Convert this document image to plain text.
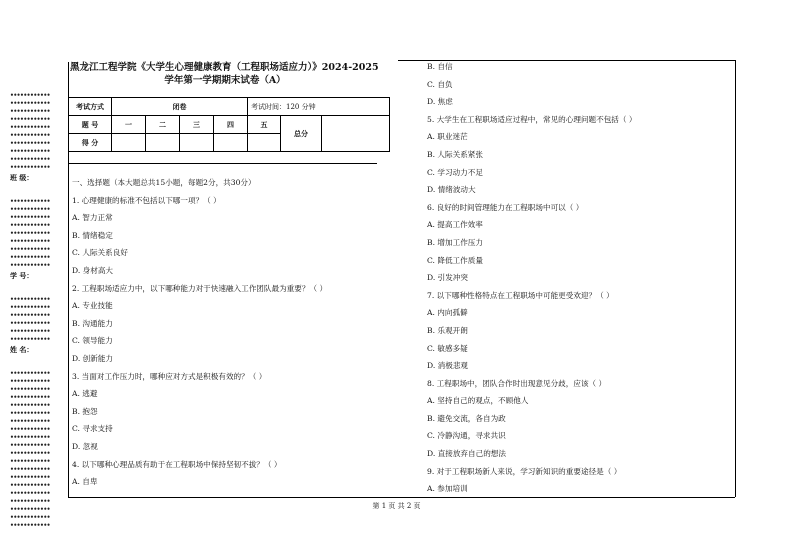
••••••••••••
••••••••••••
••••••••••••
••••••••••••
••••••••••••
••••••••••••
••••••••••••
••••••••••••
••••••••••••
••••••••••••
班 级：
••••••••••••
••••••••••••
••••••••••••
••••••••••••
••••••••••••
••••••••••••
••••••••••••
••••••••••••
••••••••••••
学 号：
••••••••••••
••••••••••••
••••••••••••
••••••••••••
••••••••••••
••••••••••••
姓 名：
••••••••••••
••••••••••••
••••••••••••
••••••••••••
••••••••••••
••••••••••••
••••••••••••
••••••••••••
••••••••••••
••••••••••••
••••••••••••
••••••••••••
••••••••••••
••••••••••••
••••••••••••
••••••••••••
••••••••••••
••••••••••••
••••••••••••
••••••••••••
黑龙江工程学院《大学生心理健康教育（工程职场适应力）》2024-2025
学年第一学期期末试卷（A）
考试方式	闭卷				考试时间：120 分钟		
题 号	一	二	三	四	五	总分	
得 分							
一、选择题（本大题总共15小题，每题2分，共30分）
1. 心理健康的标准不包括以下哪一项？（ ）
A. 智力正常
B. 情绪稳定
C. 人际关系良好
D. 身材高大
2. 工程职场适应力中，以下哪种能力对于快速融入工作团队最为重要？（ ）
A. 专业技能
B. 沟通能力
C. 领导能力
D. 创新能力
3. 当面对工作压力时，哪种应对方式是积极有效的？（ ）
A. 逃避
B. 抱怨
C. 寻求支持
D. 忽视
4. 以下哪种心理品质有助于在工程职场中保持坚韧不拔？（ ）
A. 自卑
B. 自信
C. 自负
D. 焦虑
5. 大学生在工程职场适应过程中，常见的心理问题不包括（ ）
A. 职业迷茫
B. 人际关系紧张
C. 学习动力不足
D. 情绪波动大
6. 良好的时间管理能力在工程职场中可以（ ）
A. 提高工作效率
B. 增加工作压力
C. 降低工作质量
D. 引发冲突
7. 以下哪种性格特点在工程职场中可能更受欢迎？（ ）
A. 内向孤僻
B. 乐观开朗
C. 敏感多疑
D. 消极悲观
8. 工程职场中，团队合作时出现意见分歧，应该（ ）
A. 坚持自己的观点，不顾他人
B. 避免交流，各自为政
C. 冷静沟通，寻求共识
D. 直接放弃自己的想法
9. 对于工程职场新人来说，学习新知识的重要途径是（ ）
A. 参加培训
第 1 页 共 2 页
